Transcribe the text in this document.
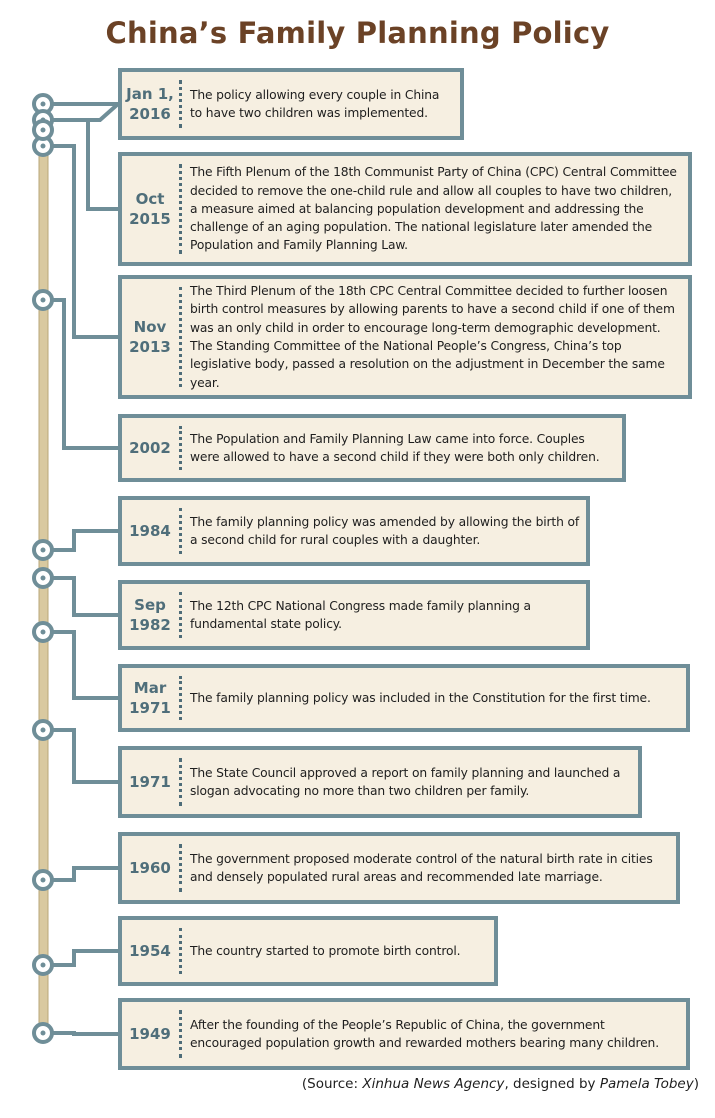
China’s Family Planning Policy
Jan 1,
2016
The policy allowing every couple in China to have two children was implemented.
Oct
2015
The Fifth Plenum of the 18th Communist Party of China (CPC) Central Committee decided to remove the one-child rule and allow all couples to have two children, a measure aimed at balancing population development and addressing the challenge of an aging population. The national legislature later amended the Population and Family Planning Law.
Nov
2013
The Third Plenum of the 18th CPC Central Committee decided to further loosen birth control measures by allowing parents to have a second child if one of them was an only child in order to encourage long-term demographic development. The Standing Committee of the National People’s Congress, China’s top legislative body, passed a resolution on the adjustment in December the same year.
2002
The Population and Family Planning Law came into force. Couples were allowed to have a second child if they were both only children.
1984
The family planning policy was amended by allowing the birth of a second child for rural couples with a daughter.
Sep
1982
The 12th CPC National Congress made family planning a fundamental state policy.
Mar
1971
The family planning policy was included in the Constitution for the first time.
1971
The State Council approved a report on family planning and launched a slogan advocating no more than two children per family.
1960
The government proposed moderate control of the natural birth rate in cities and densely populated rural areas and recommended late marriage.
1954	The country started to promote birth control.
1949
After the founding of the People’s Republic of China, the government encouraged population growth and rewarded mothers bearing many children.
(Source: Xinhua News Agency, designed by Pamela Tobey)
